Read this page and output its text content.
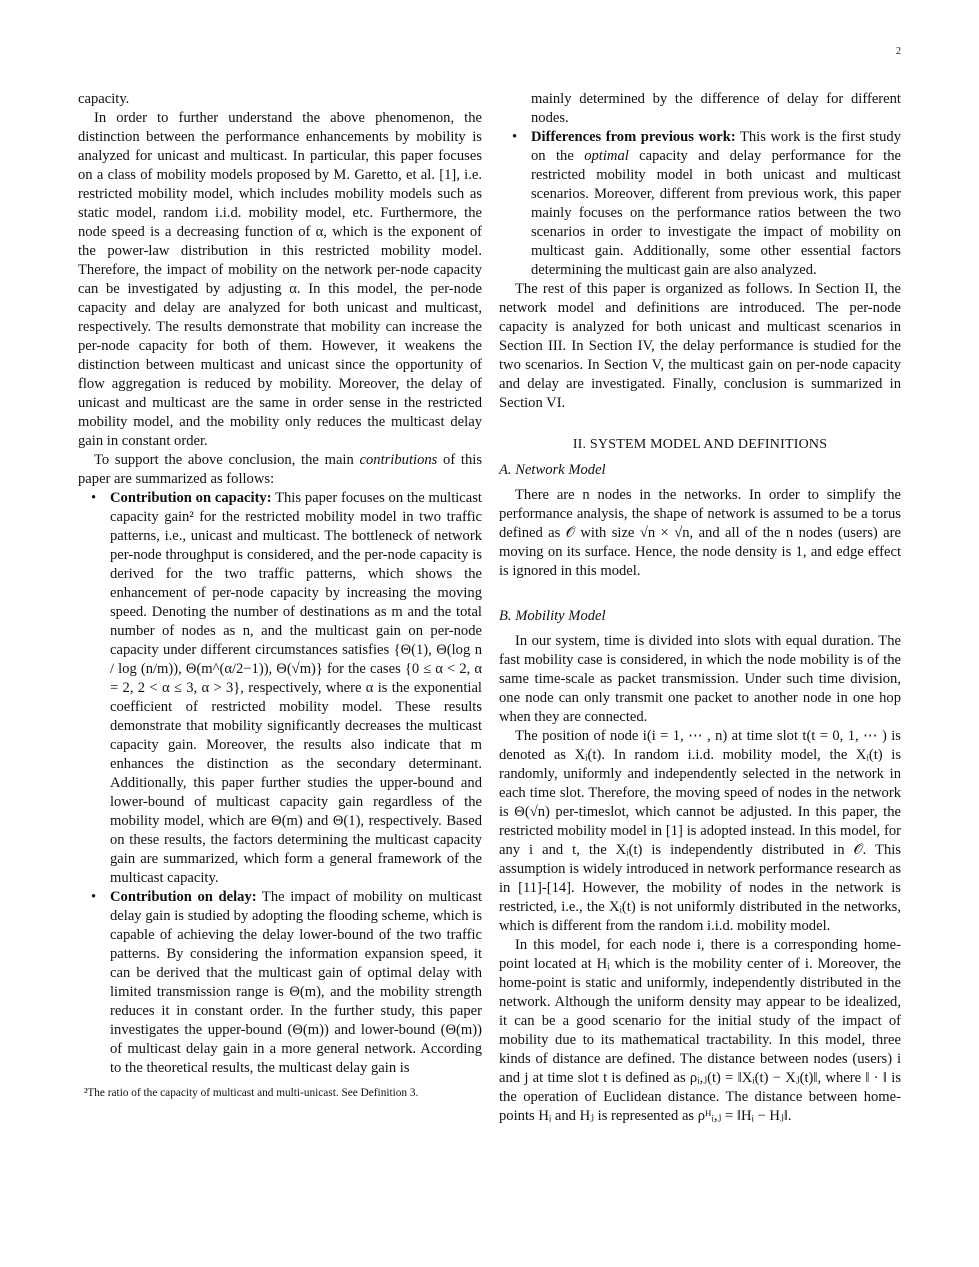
2

capacity.

In order to further understand the above phenomenon, the distinction between the performance enhancements by mobility is analyzed for unicast and multicast. In particular, this paper focuses on a class of mobility models proposed by M. Garetto, et al. [1], i.e. restricted mobility model, which includes mobility models such as static model, random i.i.d. mobility model, etc. Furthermore, the node speed is a decreasing function of α, which is the exponent of the power-law distribution in this restricted mobility model. Therefore, the impact of mobility on the network per-node capacity can be investigated by adjusting α. In this model, the per-node capacity and delay are analyzed for both unicast and multicast, respectively. The results demonstrate that mobility can increase the per-node capacity for both of them. However, it weakens the distinction between multicast and unicast since the opportunity of flow aggregation is reduced by mobility. Moreover, the delay of unicast and multicast are the same in order sense in the restricted mobility model, and the mobility only reduces the multicast delay gain in constant order.

To support the above conclusion, the main contributions of this paper are summarized as follows:

• Contribution on capacity: This paper focuses on the multicast capacity gain² for the restricted mobility model in two traffic patterns, i.e., unicast and multicast. The bottleneck of network per-node throughput is considered, and the per-node capacity is derived for the two traffic patterns, which shows the enhancement of per-node capacity by increasing the moving speed. Denoting the number of destinations as m and the total number of nodes as n, and the multicast gain on per-node capacity under different circumstances satisfies {Θ(1), Θ(log n / log (n/m)), Θ(m^(α/2−1)), Θ(√m)} for the cases {0 ≤ α < 2, α = 2, 2 < α ≤ 3, α > 3}, respectively, where α is the exponential coefficient of restricted mobility model. These results demonstrate that mobility significantly decreases the multicast capacity gain. Moreover, the results also indicate that m enhances the distinction as the secondary determinant. Additionally, this paper further studies the upper-bound and lower-bound of multicast capacity gain regardless of the mobility model, which are Θ(m) and Θ(1), respectively. Based on these results, the factors determining the multicast capacity gain are summarized, which form a general framework of the multicast capacity.
• Contribution on delay: The impact of mobility on multicast delay gain is studied by adopting the flooding scheme, which is capable of achieving the delay lower-bound of the two traffic patterns. By considering the information expansion speed, it can be derived that the multicast gain of optimal delay with limited transmission range is Θ(m), and the mobility strength reduces it in constant order. In the further study, this paper investigates the upper-bound (Θ(m)) and lower-bound (Θ(m)) of multicast delay gain in a more general network. According to the theoretical results, the multicast delay gain is

²The ratio of the capacity of multicast and multi-unicast. See Definition 3.

mainly determined by the difference of delay for different nodes.

• Differences from previous work: This work is the first study on the optimal capacity and delay performance for the restricted mobility model in both unicast and multicast scenarios. Moreover, different from previous work, this paper mainly focuses on the performance ratios between the two scenarios in order to investigate the impact of mobility on multicast gain. Additionally, some other essential factors determining the multicast gain are also analyzed.

The rest of this paper is organized as follows. In Section II, the network model and definitions are introduced. The per-node capacity is analyzed for both unicast and multicast scenarios in Section III. In Section IV, the delay performance is studied for the two scenarios. In Section V, the multicast gain on per-node capacity and delay are investigated. Finally, conclusion is summarized in Section VI.

II. SYSTEM MODEL AND DEFINITIONS
A. Network Model

There are n nodes in the networks. In order to simplify the performance analysis, the shape of network is assumed to be a torus defined as 𝒪 with size √n × √n, and all of the n nodes (users) are moving on its surface. Hence, the node density is 1, and edge effect is ignored in this model.

B. Mobility Model

In our system, time is divided into slots with equal duration. The fast mobility case is considered, in which the node mobility is of the same time-scale as packet transmission. Under such time division, one node can only transmit one packet to another node in one hop when they are connected.

The position of node i(i = 1, ⋯ , n) at time slot t(t = 0, 1, ⋯ ) is denoted as Xᵢ(t). In random i.i.d. mobility model, the Xᵢ(t) is randomly, uniformly and independently selected in the network in each time slot. Therefore, the moving speed of nodes in the network is Θ(√n) per-timeslot, which cannot be adjusted. In this paper, the restricted mobility model in [1] is adopted instead. In this model, for any i and t, the Xᵢ(t) is independently distributed in 𝒪. This assumption is widely introduced in network performance research as in [11]-[14]. However, the mobility of nodes in the network is restricted, i.e., the Xᵢ(t) is not uniformly distributed in the networks, which is different from the random i.i.d. mobility model.

In this model, for each node i, there is a corresponding home-point located at Hᵢ which is the mobility center of i. Moreover, the home-point is static and uniformly, independently distributed in the network. Although the uniform density may appear to be idealized, it can be a good scenario for the initial study of the impact of mobility due to its mathematical tractability. In this model, three kinds of distance are defined. The distance between nodes (users) i and j at time slot t is defined as ρᵢ,ⱼ(t) = ‖Xᵢ(t) − Xⱼ(t)‖, where ‖ · ‖ is the operation of Euclidean distance. The distance between home-points Hᵢ and Hⱼ is represented as ρᴴᵢ,ⱼ = ‖Hᵢ − Hⱼ‖.
